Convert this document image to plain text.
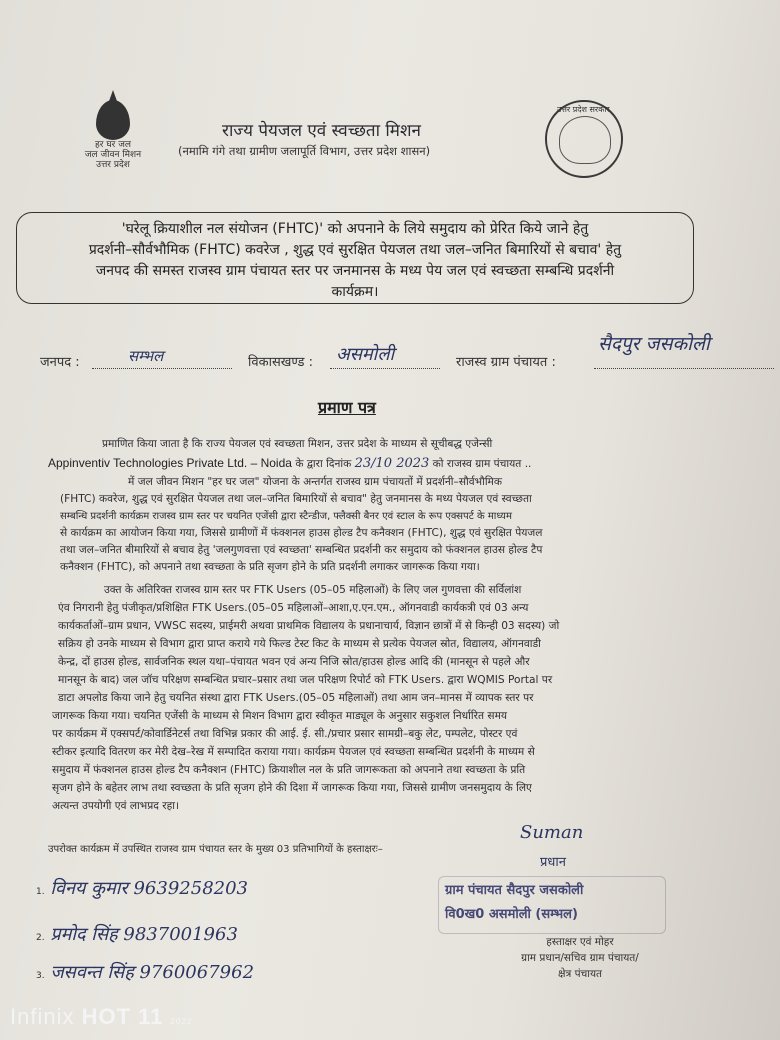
हर घर जल
जल जीवन मिशन
उत्तर प्रदेश
उत्तर प्रदेश सरकार
राज्य पेयजल एवं स्वच्छता मिशन
(नमामि गंगे तथा ग्रामीण जलापूर्ति विभाग, उत्तर प्रदेश शासन)
'घरेलू क्रियाशील नल संयोजन (FHTC)' को अपनाने के लिये समुदाय को प्रेरित किये जाने हेतु
प्रदर्शनी–सौर्वभौमिक (FHTC) कवरेज , शुद्ध एवं सुरक्षित पेयजल तथा जल–जनित बिमारियों से बचाव' हेतु
जनपद की समस्त राजस्व ग्राम पंचायत स्तर पर जनमानस के मध्य पेय जल एवं स्वच्छता सम्बन्धि प्रदर्शनी
कार्यक्रम।
जनपद :	सम्भल	विकासखण्ड : असमोली	राजस्व ग्राम पंचायत :
सैदपुर जसकोली
प्रमाण पत्र
प्रमाणित किया जाता है कि राज्य पेयजल एवं स्वच्छता मिशन, उत्तर प्रदेश के माध्यम से सूचीबद्ध एजेन्सी
Appinventiv Technologies Private Ltd. – Noida के द्वारा दिनांक 23/10 2023 को राजस्व ग्राम पंचायत ..
में जल जीवन मिशन "हर घर जल" योजना के अन्तर्गत राजस्व ग्राम पंचायतों में प्रदर्शनी–सौर्वभौमिक
(FHTC) कवरेज, शुद्ध एवं सुरक्षित पेयजल तथा जल–जनित बिमारियों से बचाव" हेतु जनमानस के मध्य पेयजल एवं स्वच्छता
सम्बन्धि प्रदर्शनी कार्यक्रम राजस्व ग्राम स्तर पर चयनित एजेंसी द्वारा स्टैन्डीज, फ्लैक्सी बैनर एवं स्टाल के रूप एक्सपर्ट के माध्यम
से कार्यक्रम का आयोजन किया गया, जिससे ग्रामीणों में फंक्शनल हाउस होल्ड टैप कनैक्शन (FHTC), शुद्ध एवं सुरक्षित पेयजल
तथा जल–जनित बीमारियों से बचाव हेतु 'जलगुणवत्ता एवं स्वच्छता' सम्बन्धित प्रदर्शनी कर समुदाय को फंक्शनल हाउस होल्ड टैप
कनैक्शन (FHTC), को अपनाने तथा स्वच्छता के प्रति सृजग होने के प्रति प्रदर्शनी लगाकर जागरूक किया गया।
उक्त के अतिरिक्त राजस्व ग्राम स्तर पर FTK Users (05–05 महिलाओं) के लिए जल गुणवत्ता की सर्विलांश
एंव निगरानी हेतु पंजीकृत/प्रशिक्षित FTK Users.(05–05 महिलाओं–आशा,ए.एन.एम., ऑगनवाडी कार्यकत्री एवं 03 अन्य
कार्यकर्ताओं–ग्राम प्रधान, VWSC सदस्य, प्राईमरी अथवा प्राथमिक विद्यालय के प्रधानाचार्य, विज्ञान छात्रों में से किन्ही 03 सदस्य) जो
सक्रिय हो उनके माध्यम से विभाग द्वारा प्राप्त कराये गये फिल्ड टेस्ट किट के माध्यम से प्रत्येक पेयजल स्रोत, विद्यालय, ऑगनवाडी
केन्द्र, दों हाउस होल्ड, सार्वजनिक स्थल यथा–पंचायत भवन एवं अन्य निजि स्रोत/हाउस होल्ड आदि की (मानसून से पहले और
मानसून के बाद) जल जॉच परिक्षण सम्बन्धित प्रचार–प्रसार तथा जल परिक्षण रिपोर्ट को FTK Users. द्वारा WQMIS Portal पर
डाटा अपलोड किया जाने हेतु चयनित संस्था द्वारा FTK Users.(05–05 महिलाओं) तथा आम जन–मानस में व्यापक स्तर पर
जागरूक किया गया। चयनित एजेंसी के माध्यम से मिशन विभाग द्वारा स्वीकृत माड्यूल के अनुसार सकुशल निर्धारित समय
पर कार्यक्रम में एक्सपर्ट/कोवार्डिनेटर्स तथा विभिन्न प्रकार की आई. ई. सी./प्रचार प्रसार सामग्री–बकु लेट, पम्पलेट, पोस्टर एवं
स्टीकर इत्यादि वितरण कर मेरी देख–रेख में सम्पादित कराया गया। कार्यक्रम पेयजल एवं स्वच्छता सम्बन्धित प्रदर्शनी के माध्यम से
समुदाय में फंक्शनल हाउस होल्ड टैप कनैक्शन (FHTC) क्रियाशील नल के प्रति जागरूकता को अपनाने तथा स्वच्छता के प्रति
सृजग होने के बहेतर लाभ तथा स्वच्छता के प्रति सृजग होने की दिशा में जागरूक किया गया, जिससे ग्रामीण जनसमुदाय के लिए
अत्यन्त उपयोगी एवं लाभप्रद रहा।
उपरोक्त कार्यक्रम में उपस्थित राजस्व ग्राम पंचायत स्तर के मुख्य 03 प्रतिभागियों के हस्ताक्षरः–
1. विनय कुमार 9639258203
2. प्रमोद सिंह 9837001963
3. जसवन्त सिंह 9760067962
Suman
प्रधान
ग्राम पंचायत सैदपुर जसकोली
वि0ख0 असमोली (सम्भल)
हस्ताक्षर एवं मोहर
ग्राम प्रधान/सचिव ग्राम पंचायत/
क्षेत्र पंचायत
Infinix HOT 11 2022
